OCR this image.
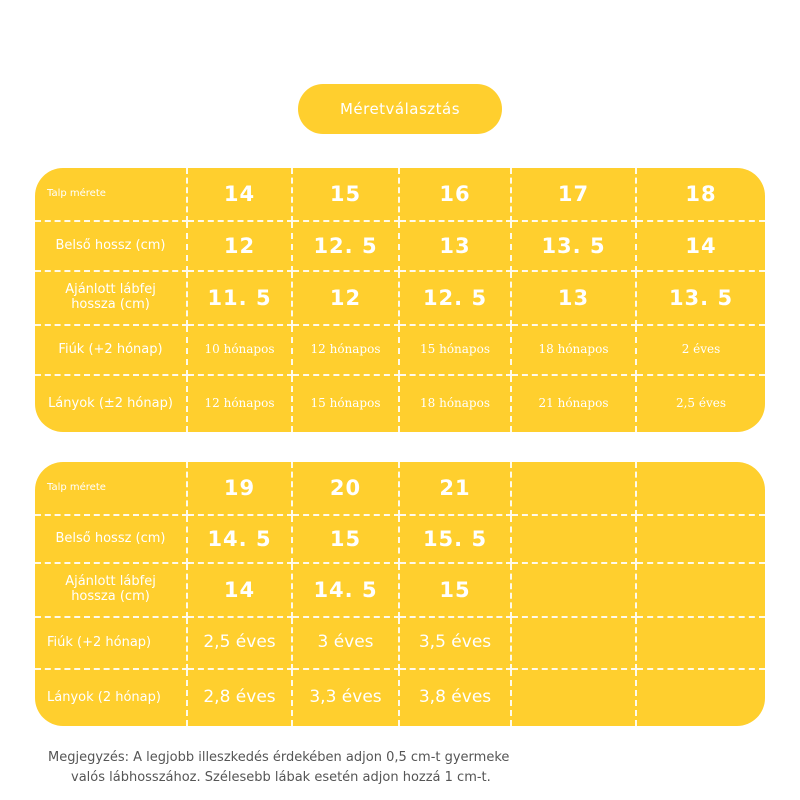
Méretválasztás
Talp mérete	14	15	16	17	18
Belső hossz (cm)	12	12. 5	13	13. 5	14
Ajánlott lábfej hossza (cm)	11. 5	12	12. 5	13	13. 5
Fiúk (+2 hónap)	10 hónapos	12 hónapos	15 hónapos	18 hónapos	2 éves
Lányok (±2 hónap)	12 hónapos	15 hónapos	18 hónapos	21 hónapos	2,5 éves
Talp mérete	19	20	21		
Belső hossz (cm)	14. 5	15	15. 5		
Ajánlott lábfej hossza (cm)	14	14. 5	15		
Fiúk (+2 hónap)	2,5 éves	3 éves	3,5 éves		
Lányok (2 hónap)	2,8 éves	3,3 éves	3,8 éves		
Megjegyzés: A legjobb illeszkedés érdekében adjon 0,5 cm-t gyermeke
valós lábhosszához. Szélesebb lábak esetén adjon hozzá 1 cm-t.
